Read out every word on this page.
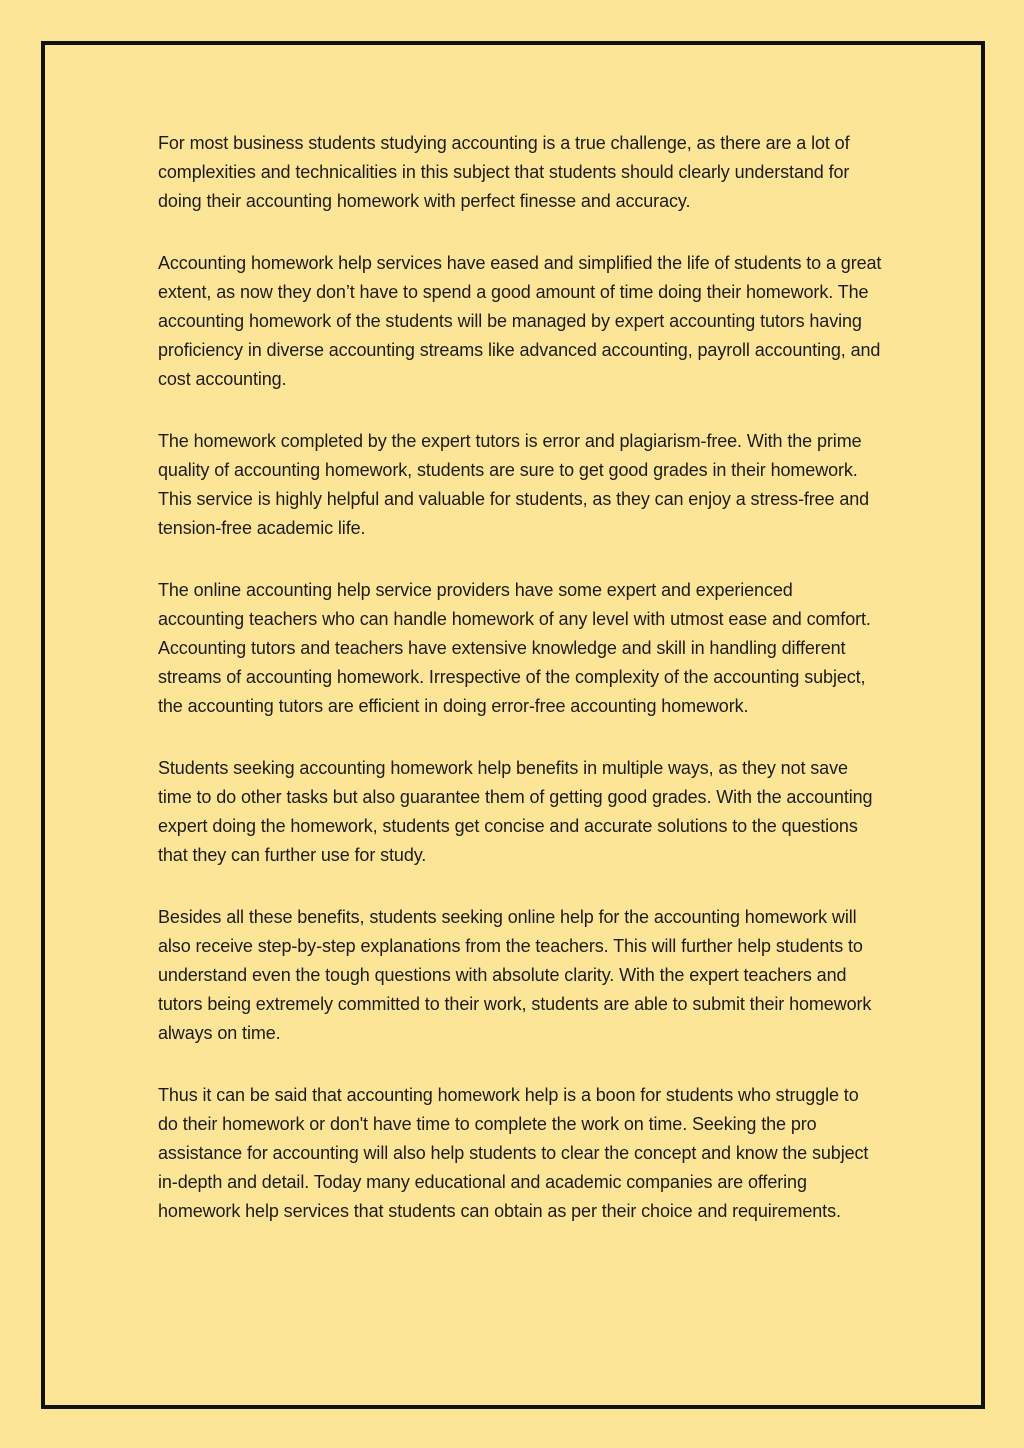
For most business students studying accounting is a true challenge, as there are a lot of complexities and technicalities in this subject that students should clearly understand for doing their accounting homework with perfect finesse and accuracy.

Accounting homework help services have eased and simplified the life of students to a great extent, as now they don’t have to spend a good amount of time doing their homework. The accounting homework of the students will be managed by expert accounting tutors having proficiency in diverse accounting streams like advanced accounting, payroll accounting, and cost accounting.

The homework completed by the expert tutors is error and plagiarism-free. With the prime quality of accounting homework, students are sure to get good grades in their homework. This service is highly helpful and valuable for students, as they can enjoy a stress-free and tension-free academic life.

The online accounting help service providers have some expert and experienced accounting teachers who can handle homework of any level with utmost ease and comfort. Accounting tutors and teachers have extensive knowledge and skill in handling different streams of accounting homework. Irrespective of the complexity of the accounting subject, the accounting tutors are efficient in doing error-free accounting homework.

Students seeking accounting homework help benefits in multiple ways, as they not save time to do other tasks but also guarantee them of getting good grades. With the accounting expert doing the homework, students get concise and accurate solutions to the questions that they can further use for study.

Besides all these benefits, students seeking online help for the accounting homework will also receive step-by-step explanations from the teachers. This will further help students to understand even the tough questions with absolute clarity. With the expert teachers and tutors being extremely committed to their work, students are able to submit their homework always on time.

Thus it can be said that accounting homework help is a boon for students who struggle to do their homework or don't have time to complete the work on time. Seeking the pro assistance for accounting will also help students to clear the concept and know the subject in-depth and detail. Today many educational and academic companies are offering homework help services that students can obtain as per their choice and requirements.
